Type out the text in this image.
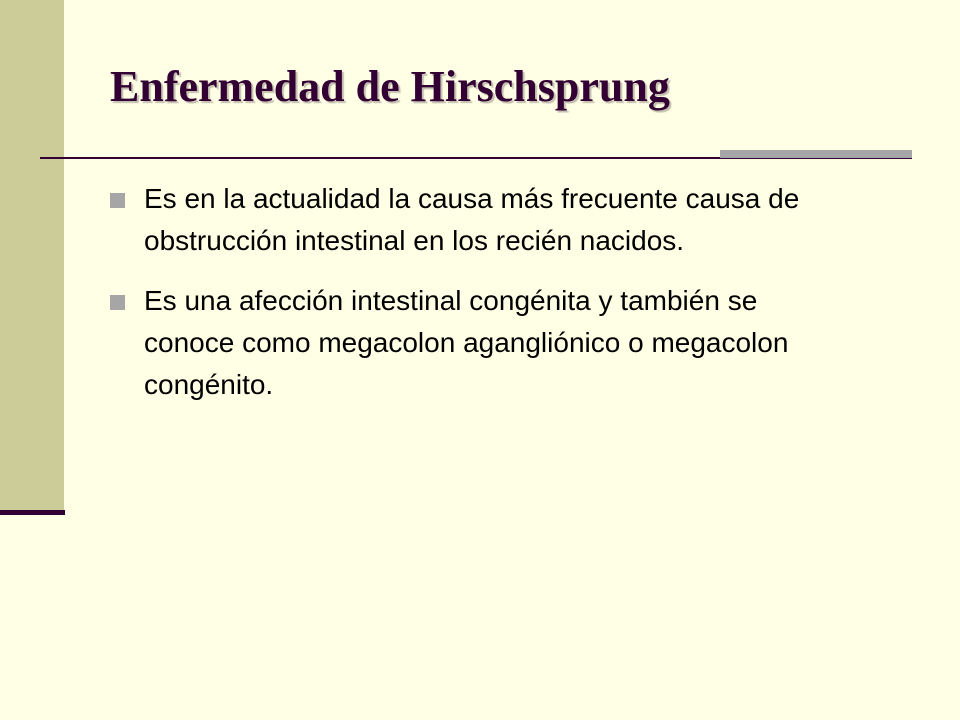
Enfermedad de Hirschsprung
Es en la actualidad la causa más frecuente causa de obstrucción intestinal en los recién nacidos.
Es una afección intestinal congénita y también se conoce como megacolon agangliónico o megacolon congénito.
